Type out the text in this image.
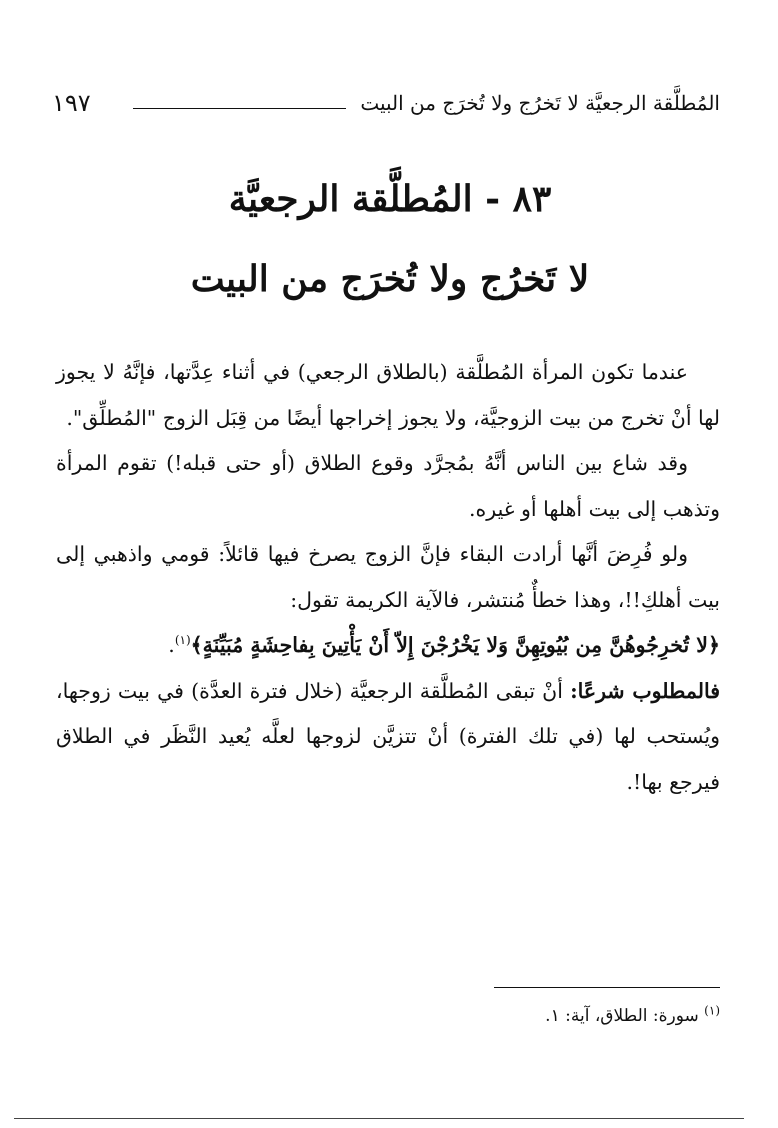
المُطلَّقة الرجعيَّة لا تَخرُج ولا تُخرَج من البيت
١٩٧
٨٣ - المُطلَّقة الرجعيَّة
لا تَخرُج ولا تُخرَج من البيت

عندما تكون المرأة المُطلَّقة (بالطلاق الرجعي) في أثناء عِدَّتها، فإنَّهُ لا يجوز لها أنْ تخرج من بيت الزوجيَّة، ولا يجوز إخراجها أيضًا من قِبَل الزوج "المُطلِّق".

وقد شاع بين الناس أنَّهُ بمُجرَّد وقوع الطلاق (أو حتى قبله!) تقوم المرأة وتذهب إلى بيت أهلها أو غيره.

ولو فُرِضَ أنَّها أرادت البقاء فإنَّ الزوج يصرخ فيها قائلاً: قومي واذهبي إلى بيت أهلكِ!!، وهذا خطأٌ مُنتشر، فالآية الكريمة تقول:

﴿لا تُخرِجُوهُنَّ مِن بُيُوتِهِنَّ وَلا يَخْرُجْنَ إِلاّ أَنْ يَأْتِينَ بِفاحِشَةٍ مُبَيِّنَةٍ﴾$^{(١)}$.

فالمطلوب شرعًا: أنْ تبقى المُطلَّقة الرجعيَّة (خلال فترة العدَّة) في بيت زوجها، ويُستحب لها (في تلك الفترة) أنْ تتزيَّن لزوجها لعلَّه يُعيد النَّظَر في الطلاق فيرجع بها!.

$^{(١)}$ سورة: الطلاق، آية: ١.
